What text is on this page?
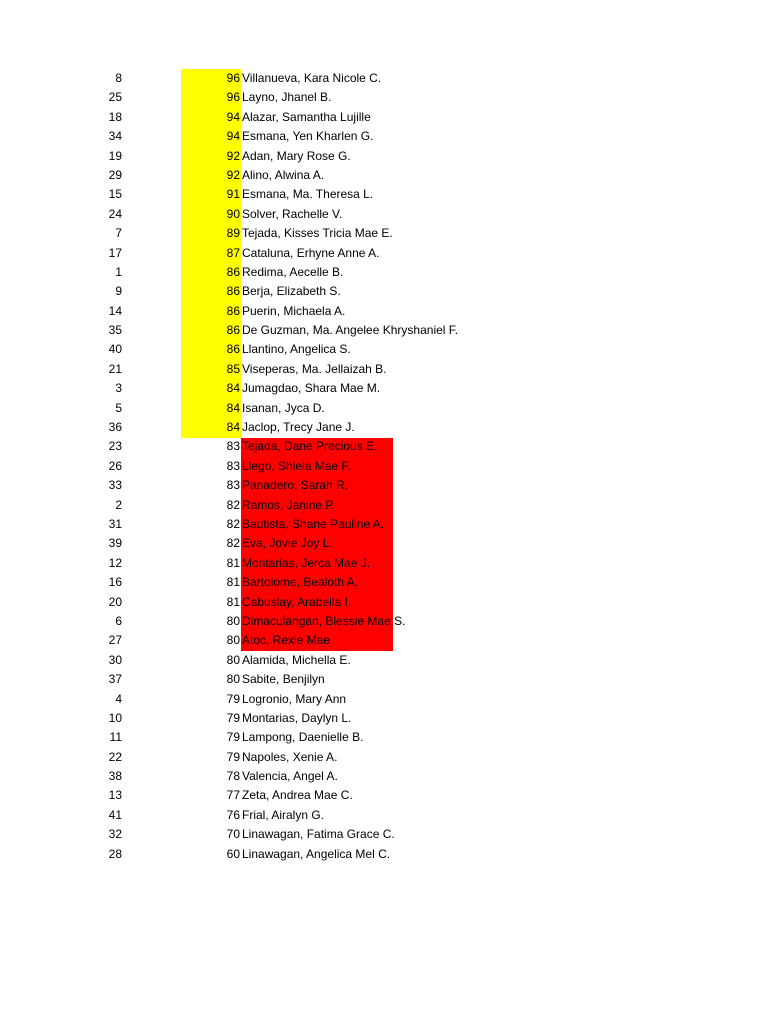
8	96 Villanueva, Kara Nicole C.
25	96 Layno, Jhanel B.
18	94 Alazar, Samantha Lujille
34	94 Esmana, Yen Kharlen G.
19	92 Adan, Mary Rose G.
29	92 Alino, Alwina A.
15	91 Esmana, Ma. Theresa L.
24	90 Solver, Rachelle V.
7	89 Tejada, Kisses Tricia Mae E.
17	87 Cataluna, Erhyne Anne A.
1	86 Redima, Aecelle B.
9	86 Berja, Elizabeth S.
14	86 Puerin, Michaela A.
35	86 De Guzman, Ma. Angelee Khryshaniel F.
40	86 Llantino, Angelica S.
21	85 Viseperas, Ma. Jellaizah B.
3	84 Jumagdao, Shara Mae M.
5	84 Isanan, Jyca D.
36	84 Jaclop, Trecy Jane J.
23	83 Tejada, Dane Precious E.
26	83 Llego, Shiela Mae F.
33	83 Panadero, Sarah R.
2	82 Ramos, Janine P.
31	82 Bautista, Shane Pauline A.
39	82 Eva, Jovie Joy L.
12	81 Montarias, Jerca Mae J.
16	81 Bartolome, Bealoth A.
20	81 Cabuslay, Arabella I.
6	80 Dimaculangan, Blessie Mae S.
27	80 Atoc, Rexie Mae
30	80 Alamida, Michella E.
37	80 Sabite, Benjilyn
4	79 Logronio, Mary Ann
10	79 Montarias, Daylyn L.
11	79 Lampong, Daenielle B.
22	79 Napoles, Xenie A.
38	78 Valencia, Angel A.
13	77 Zeta, Andrea Mae C.
41	76 Frial, Airalyn G.
32	70 Linawagan, Fatima Grace C.
28	60 Linawagan, Angelica Mel C.
